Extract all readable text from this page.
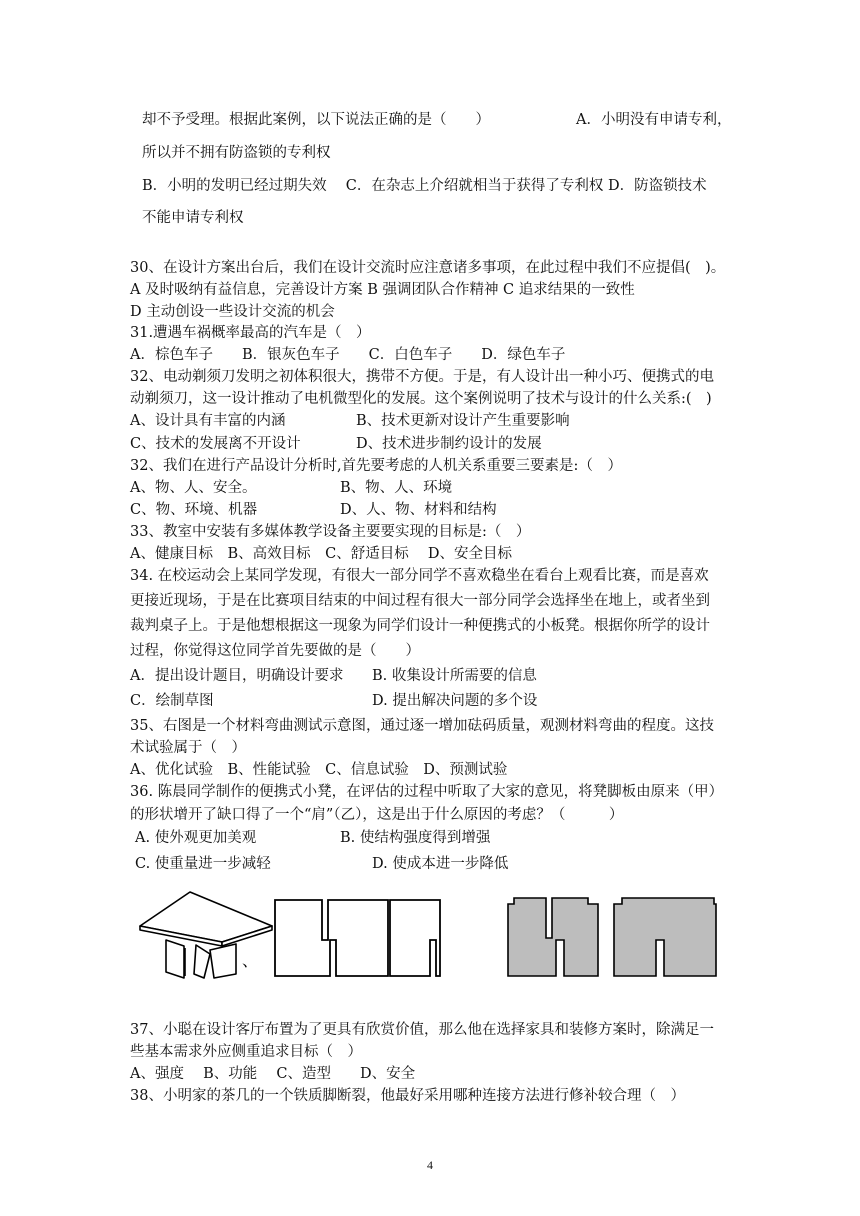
却不予受理。根据此案例，以下说法正确的是（　　）	A．小明没有申请专利，
所以并不拥有防盗锁的专利权
B．小明的发明已经过期失效　 C．在杂志上介绍就相当于获得了专利权 D．防盗锁技术
不能申请专利权
30、在设计方案出台后，我们在设计交流时应注意诸多事项，在此过程中我们不应提倡(　)。
A 及时吸纳有益信息，完善设计方案 B 强调团队合作精神 C 追求结果的一致性
D 主动创设一些设计交流的机会
31.遭遇车祸概率最高的汽车是（　）
A．棕色车子　　B．银灰色车子　　C．白色车子　　D．绿色车子
32、电动剃须刀发明之初体积很大，携带不方便。于是，有人设计出一种小巧、便携式的电
动剃须刀，这一设计推动了电机微型化的发展。这个案例说明了技术与设计的什么关系:(　)
A、设计具有丰富的内涵	B、技术更新对设计产生重要影响
C、技术的发展离不开设计	D、技术进步制约设计的发展
32、我们在进行产品设计分析时,首先要考虑的人机关系重要三要素是:（　）
A、物、人、安全。	B、物、人、环境
C、物、环境、机器	D、人、物、材料和结构
33、教室中安装有多媒体教学设备主要要实现的目标是:（　）
A、健康目标　B、高效目标　C、舒适目标　 D、安全目标
34. 在校运动会上某同学发现，有很大一部分同学不喜欢稳坐在看台上观看比赛，而是喜欢
更接近现场，于是在比赛项目结束的中间过程有很大一部分同学会选择坐在地上，或者坐到
裁判桌子上。于是他想根据这一现象为同学们设计一种便携式的小板凳。根据你所学的设计
过程，你觉得这位同学首先要做的是（　　）
A．提出设计题目，明确设计要求 B. 收集设计所需要的信息
C．绘制草图	D. 提出解决问题的多个设
35、右图是一个材料弯曲测试示意图，通过逐一增加砝码质量，观测材料弯曲的程度。这技
术试验属于（　）
A、优化试验　B、性能试验　C、信息试验　D、预测试验
36. 陈晨同学制作的便携式小凳，在评估的过程中听取了大家的意见，将凳脚板由原来（甲）
的形状增开了缺口得了一个“肩”（乙），这是出于什么原因的考虑？（　　　）
A. 使外观更加美观	B. 使结构强度得到增强
C. 使重量进一步减轻	D. 使成本进一步降低
、
37、小聪在设计客厅布置为了更具有欣赏价值，那么他在选择家具和装修方案时，除满足一
些基本需求外应侧重追求目标（　）
A、强度　 B、功能　 C、造型　　D、安全
38、小明家的茶几的一个铁质脚断裂，他最好采用哪种连接方法进行修补较合理（　）
4
